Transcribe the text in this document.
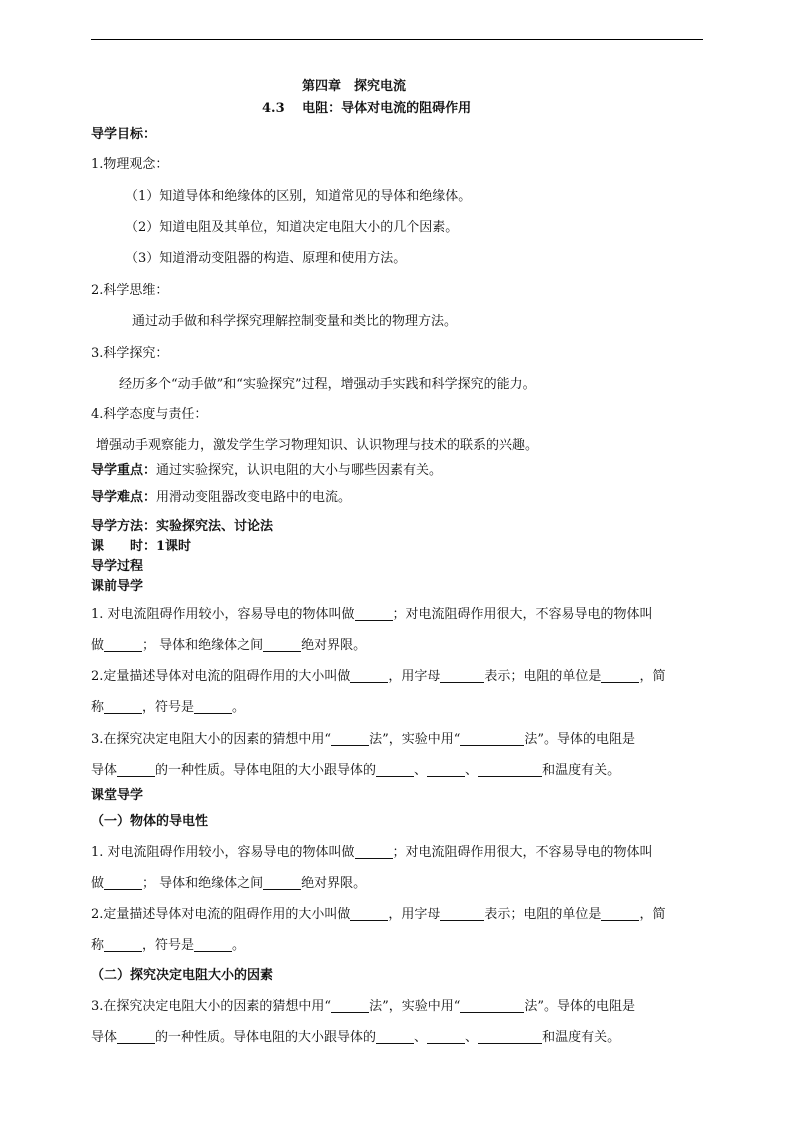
第四章　探究电流
4.3　 电阻：导体对电流的阻碍作用
导学目标：
1.物理观念：
（1）知道导体和绝缘体的区别，知道常见的导体和绝缘体。
（2）知道电阻及其单位，知道决定电阻大小的几个因素。
（3）知道滑动变阻器的构造、原理和使用方法。
2.科学思维：
通过动手做和科学探究理解控制变量和类比的物理方法。
3.科学探究：
经历多个“动手做”和“实验探究”过程，增强动手实践和科学探究的能力。
4.科学态度与责任：
增强动手观察能力，激发学生学习物理知识、认识物理与技术的联系的兴趣。
导学重点：通过实验探究，认识电阻的大小与哪些因素有关。
导学难点：用滑动变阻器改变电路中的电流。
导学方法：实验探究法、讨论法
课　　时：1课时
导学过程
课前导学
1. 对电流阻碍作用较小，容易导电的物体叫做	；对电流阻碍作用很大，不容易导电的物体叫
做	； 导体和绝缘体之间	绝对界限。
2.定量描述导体对电流的阻碍作用的大小叫做	，用字母	表示；电阻的单位是	，简
称	，符号是	。
3.在探究决定电阻大小的因素的猜想中用“	法”，实验中用“	法”。导体的电阻是
导体	的一种性质。导体电阻的大小跟导体的	、	、	和温度有关。
课堂导学
（一）物体的导电性
1. 对电流阻碍作用较小，容易导电的物体叫做	；对电流阻碍作用很大，不容易导电的物体叫
做	； 导体和绝缘体之间	绝对界限。
2.定量描述导体对电流的阻碍作用的大小叫做	，用字母	表示；电阻的单位是	，简
称	，符号是	。
（二）探究决定电阻大小的因素
3.在探究决定电阻大小的因素的猜想中用“	法”，实验中用“	法”。导体的电阻是
导体	的一种性质。导体电阻的大小跟导体的	、	、	和温度有关。
